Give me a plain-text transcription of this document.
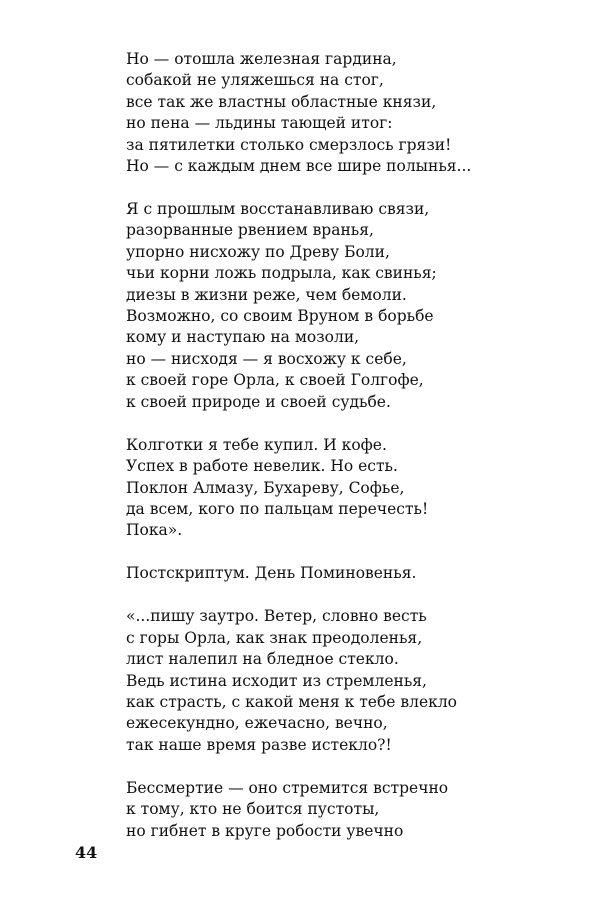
Но — отошла железная гардина,
собакой не уляжешься на стог,
все так же властны областные князи,
но пена — льдины тающей итог:
за пятилетки столько смерзлось грязи!
Но — с каждым днем все шире полынья...
Я с прошлым восстанавливаю связи,
разорванные рвением вранья,
упорно нисхожу по Древу Боли,
чьи корни ложь подрыла, как свинья;
диезы в жизни реже, чем бемоли.
Возможно, со своим Вруном в борьбе
кому и наступаю на мозоли,
но — нисходя — я восхожу к себе,
к своей горе Орла, к своей Голгофе,
к своей природе и своей судьбе.
Колготки я тебе купил. И кофе.
Успех в работе невелик. Но есть.
Поклон Алмазу, Бухареву, Софье,
да всем, кого по пальцам перечесть!
Пока».
Постскриптум. День Поминовенья.
«...пишу заутро. Ветер, словно весть
с горы Орла, как знак преодоленья,
лист налепил на бледное стекло.
Ведь истина исходит из стремленья,
как страсть, с какой меня к тебе влекло
ежесекундно, ежечасно, вечно,
так наше время разве истекло?!
Бессмертие — оно стремится встречно
к тому, кто не боится пустоты,
но гибнет в круге робости увечно
44
